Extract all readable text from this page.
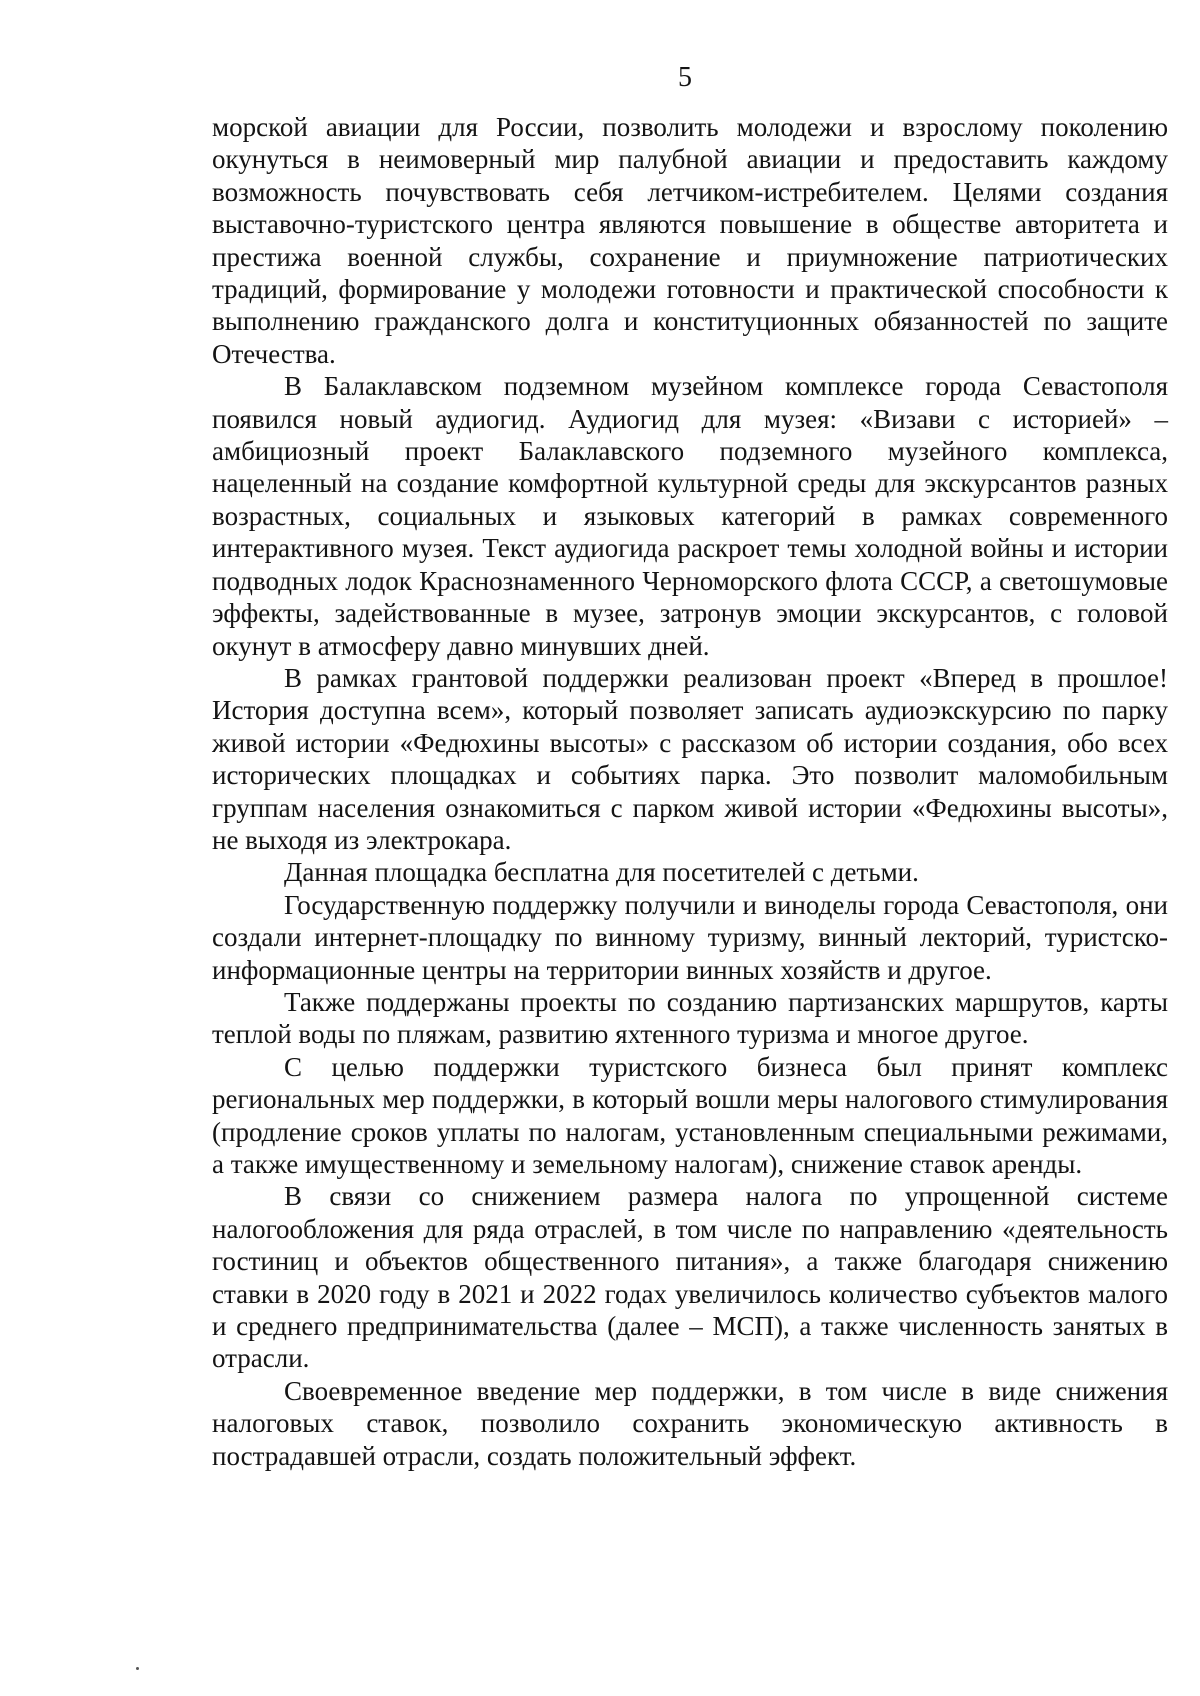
5

морской авиации для России, позволить молодежи и взрослому поколению окунуться в неимоверный мир палубной авиации и предоставить каждому возможность почувствовать себя летчиком-истребителем. Целями создания выставочно-туристского центра являются повышение в обществе авторитета и престижа военной службы, сохранение и приумножение патриотических традиций, формирование у молодежи готовности и практической способности к выполнению гражданского долга и конституционных обязанностей по защите Отечества.

В Балаклавском подземном музейном комплексе города Севастополя появился новый аудиогид. Аудиогид для музея: «Визави с историей» – амбициозный проект Балаклавского подземного музейного комплекса, нацеленный на создание комфортной культурной среды для экскурсантов разных возрастных, социальных и языковых категорий в рамках современного интерактивного музея. Текст аудиогида раскроет темы холодной войны и истории подводных лодок Краснознаменного Черноморского флота СССР, а светошумовые эффекты, задействованные в музее, затронув эмоции экскурсантов, с головой окунут в атмосферу давно минувших дней.

В рамках грантовой поддержки реализован проект «Вперед в прошлое! История доступна всем», который позволяет записать аудиоэкскурсию по парку живой истории «Федюхины высоты» с рассказом об истории создания, обо всех исторических площадках и событиях парка. Это позволит маломобильным группам населения ознакомиться с парком живой истории «Федюхины высоты», не выходя из электрокара.

Данная площадка бесплатна для посетителей с детьми.

Государственную поддержку получили и виноделы города Севастополя, они создали интернет-площадку по винному туризму, винный лекторий, туристско-информационные центры на территории винных хозяйств и другое.

Также поддержаны проекты по созданию партизанских маршрутов, карты теплой воды по пляжам, развитию яхтенного туризма и многое другое.

С целью поддержки туристского бизнеса был принят комплекс региональных мер поддержки, в который вошли меры налогового стимулирования (продление сроков уплаты по налогам, установленным специальными режимами, а также имущественному и земельному налогам), снижение ставок аренды.

В связи со снижением размера налога по упрощенной системе налогообложения для ряда отраслей, в том числе по направлению «деятельность гостиниц и объектов общественного питания», а также благодаря снижению ставки в 2020 году в 2021 и 2022 годах увеличилось количество субъектов малого и среднего предпринимательства (далее – МСП), а также численность занятых в отрасли.

Своевременное введение мер поддержки, в том числе в виде снижения налоговых ставок, позволило сохранить экономическую активность в пострадавшей отрасли, создать положительный эффект.
